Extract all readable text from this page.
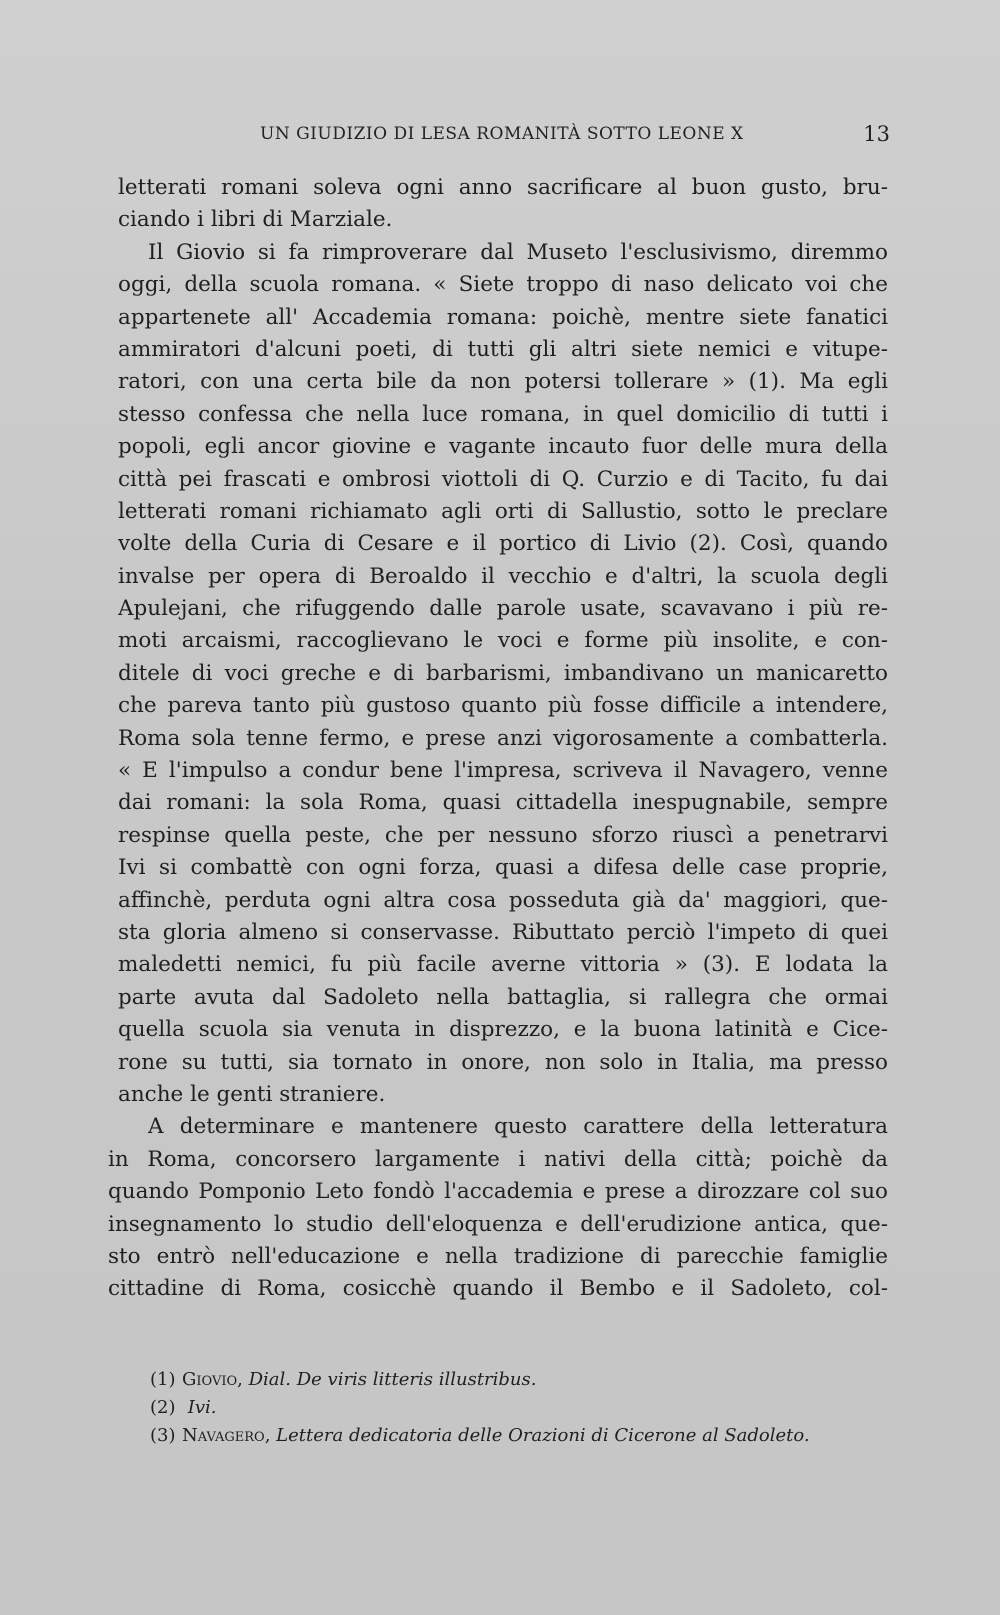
UN GIUDIZIO DI LESA ROMANITÀ SOTTO LEONE X	13
letterati romani soleva ogni anno sacrificare al buon gusto, bru-
ciando i libri di Marziale.
Il Giovio si fa rimproverare dal Museto l'esclusivismo, diremmo
oggi, della scuola romana. « Siete troppo di naso delicato voi che
appartenete all' Accademia romana: poichè, mentre siete fanatici
ammiratori d'alcuni poeti, di tutti gli altri siete nemici e vitupe-
ratori, con una certa bile da non potersi tollerare » (1). Ma egli
stesso confessa che nella luce romana, in quel domicilio di tutti i
popoli, egli ancor giovine e vagante incauto fuor delle mura della
città pei frascati e ombrosi viottoli di Q. Curzio e di Tacito, fu dai
letterati romani richiamato agli orti di Sallustio, sotto le preclare
volte della Curia di Cesare e il portico di Livio (2). Così, quando
invalse per opera di Beroaldo il vecchio e d'altri, la scuola degli
Apulejani, che rifuggendo dalle parole usate, scavavano i più re-
moti arcaismi, raccoglievano le voci e forme più insolite, e con-
ditele di voci greche e di barbarismi, imbandivano un manicaretto
che pareva tanto più gustoso quanto più fosse difficile a intendere,
Roma sola tenne fermo, e prese anzi vigorosamente a combatterla.
« E l'impulso a condur bene l'impresa, scriveva il Navagero, venne
dai romani: la sola Roma, quasi cittadella inespugnabile, sempre
respinse quella peste, che per nessuno sforzo riuscì a penetrarvi
Ivi si combattè con ogni forza, quasi a difesa delle case proprie,
affinchè, perduta ogni altra cosa posseduta già da' maggiori, que-
sta gloria almeno si conservasse. Ributtato perciò l'impeto di quei
maledetti nemici, fu più facile averne vittoria » (3). E lodata la
parte avuta dal Sadoleto nella battaglia, si rallegra che ormai
quella scuola sia venuta in disprezzo, e la buona latinità e Cice-
rone su tutti, sia tornato in onore, non solo in Italia, ma presso
anche le genti straniere.
A determinare e mantenere questo carattere della letteratura
in Roma, concorsero largamente i nativi della città; poichè da
quando Pomponio Leto fondò l'accademia e prese a dirozzare col suo
insegnamento lo studio dell'eloquenza e dell'erudizione antica, que-
sto entrò nell'educazione e nella tradizione di parecchie famiglie
cittadine di Roma, cosicchè quando il Bembo e il Sadoleto, col-
(1) Giovio, Dial. De viris litteris illustribus.
(2) Ivi.
(3) Navagero, Lettera dedicatoria delle Orazioni di Cicerone al Sadoleto.
